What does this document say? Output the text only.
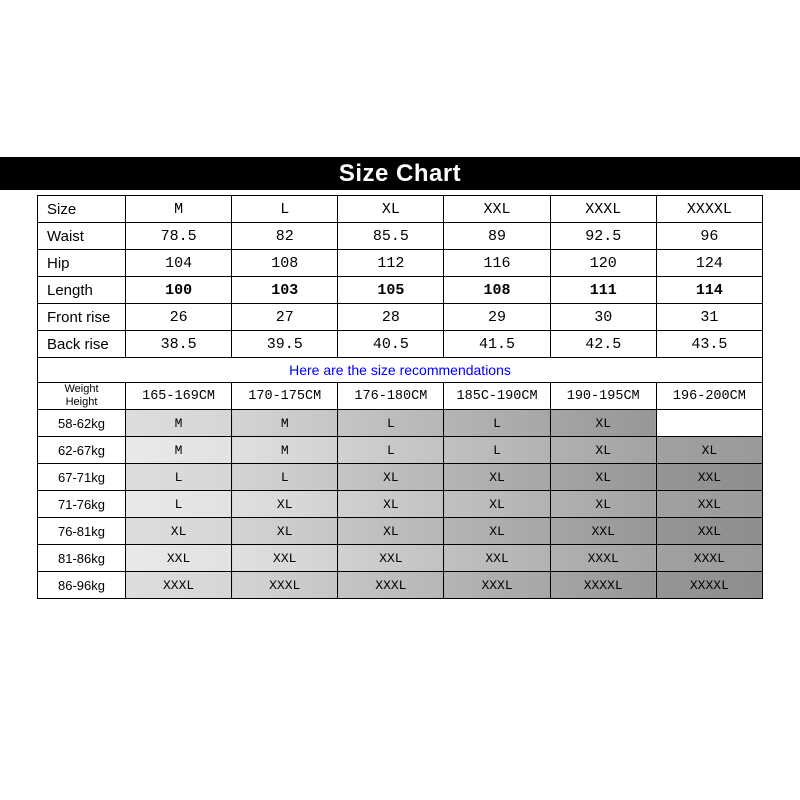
Size Chart
Size	M	L	XL	XXL	XXXL	XXXXL
Waist	78.5	82	85.5	89	92.5	96
Hip	104	108	112	116	120	124
Length	100	103	105	108	111	114
Front rise	26	27	28	29	30	31
Back rise	38.5	39.5	40.5	41.5	42.5	43.5
Here are the size recommendations
Weight
Height	165-169CM	170-175CM	176-180CM	185C-190CM	190-195CM	196-200CM
58-62kg	M	M	L	L	XL	
62-67kg	M	M	L	L	XL	XL
67-71kg	L	L	XL	XL	XL	XXL
71-76kg	L	XL	XL	XL	XL	XXL
76-81kg	XL	XL	XL	XL	XXL	XXL
81-86kg	XXL	XXL	XXL	XXL	XXXL	XXXL
86-96kg	XXXL	XXXL	XXXL	XXXL	XXXXL	XXXXL
